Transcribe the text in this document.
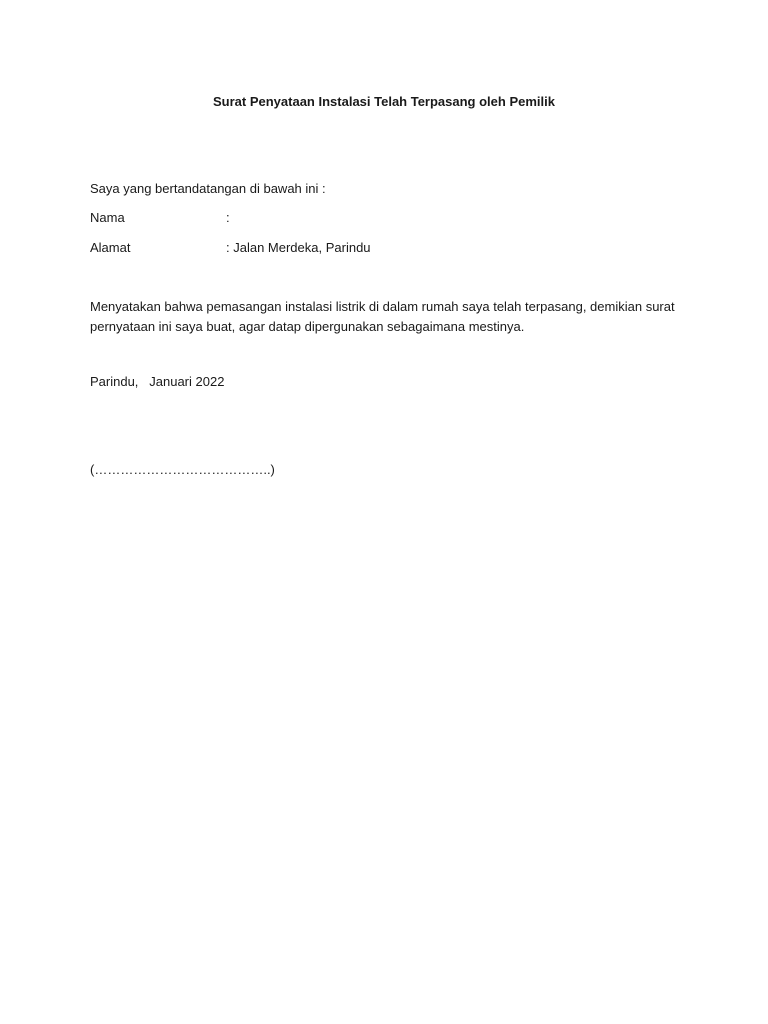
Surat Penyataan Instalasi Telah Terpasang oleh Pemilik
Saya yang bertandatangan di bawah ini :
Nama	:
Alamat	: Jalan Merdeka, Parindu
Menyatakan bahwa pemasangan instalasi listrik di dalam rumah saya telah terpasang, demikian surat pernyataan ini saya buat, agar datap dipergunakan sebagaimana mestinya.
Parindu,   Januari 2022
(…………………………………..)
